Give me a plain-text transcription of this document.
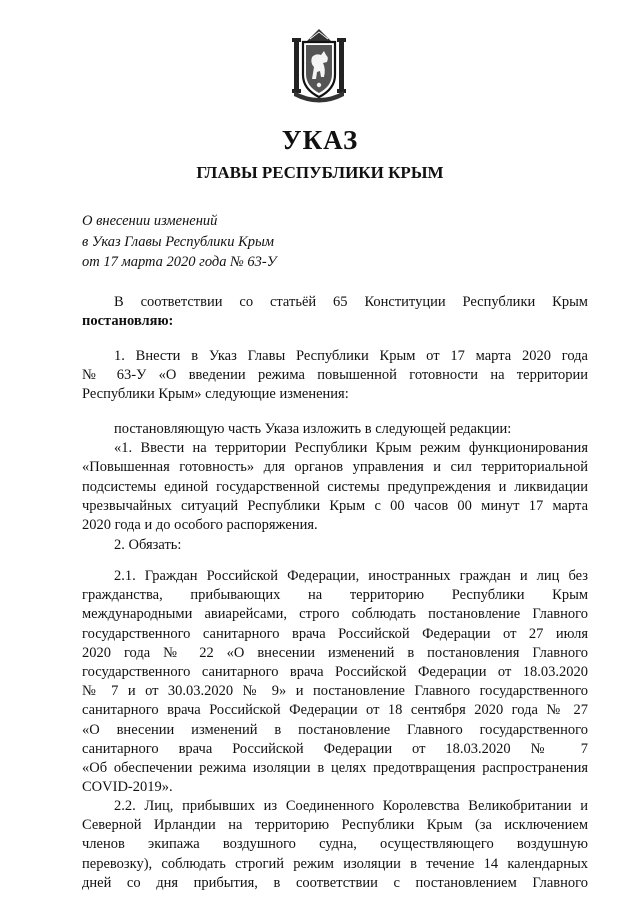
УКАЗ
ГЛАВЫ РЕСПУБЛИКИ КРЫМ
О внесении изменений
в Указ Главы Республики Крым
от 17 марта 2020 года № 63-У
В соответствии со статьёй 65 Конституции Республики Крым
постановляю:
1. Внести в Указ Главы Республики Крым от 17 марта 2020 года
№ 63-У «О введении режима повышенной готовности на территории
Республики Крым» следующие изменения:
постановляющую часть Указа изложить в следующей редакции:
«1. Ввести на территории Республики Крым режим функционирования
«Повышенная готовность» для органов управления и сил территориальной
подсистемы единой государственной системы предупреждения и ликвидации
чрезвычайных ситуаций Республики Крым с 00 часов 00 минут 17 марта
2020 года и до особого распоряжения.
2. Обязать:
2.1. Граждан Российской Федерации, иностранных граждан и лиц без
гражданства, прибывающих на территорию Республики Крым
международными авиарейсами, строго соблюдать постановление Главного
государственного санитарного врача Российской Федерации от 27 июля
2020 года № 22 «О внесении изменений в постановления Главного
государственного санитарного врача Российской Федерации от 18.03.2020
№ 7 и от 30.03.2020 № 9» и постановление Главного государственного
санитарного врача Российской Федерации от 18 сентября 2020 года № 27
«О внесении изменений в постановление Главного государственного
санитарного врача Российской Федерации от 18.03.2020 № 7
«Об обеспечении режима изоляции в целях предотвращения распространения
COVID-2019».
2.2. Лиц, прибывших из Соединенного Королевства Великобритании и
Северной Ирландии на территорию Республики Крым (за исключением
членов экипажа воздушного судна, осуществляющего воздушную
перевозку), соблюдать строгий режим изоляции в течение 14 календарных
дней со дня прибытия, в соответствии с постановлением Главного
